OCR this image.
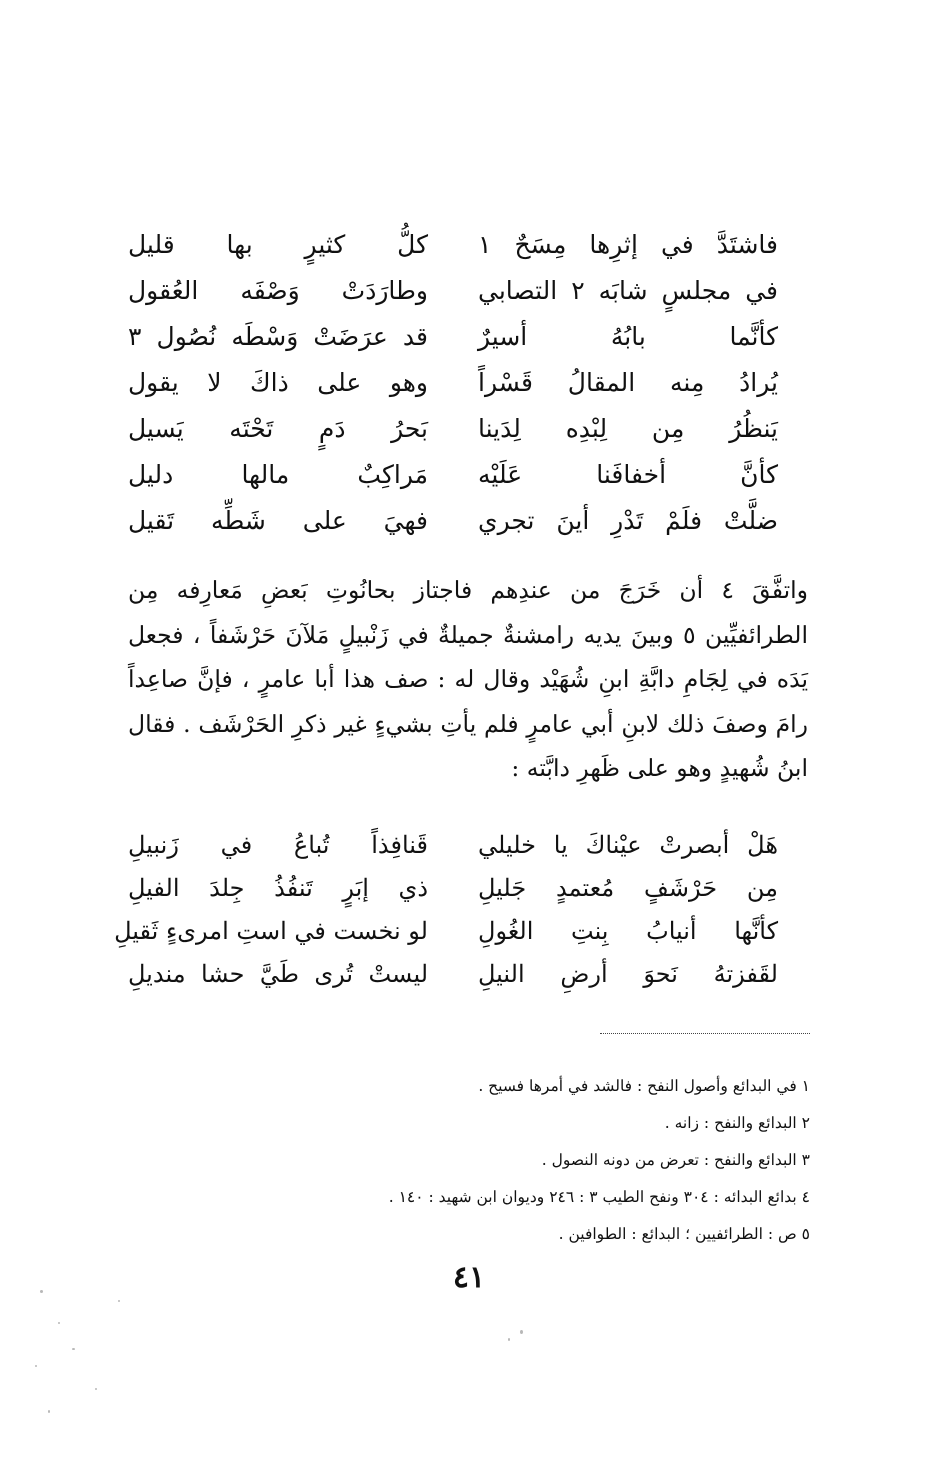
فاشتَدَّ في إثرِها مِسَحٌ ١
كلُّ كثيرٍ بها قليل
في مجلسٍ شابَه ٢ التصابي
وطارَدَتْ وَصْفَه العُقول
كأنَّما بابُهُ أسيرٌ
قد عرَضَتْ وَسْطَه نُصُول ٣
يُرادُ مِنه المقالُ قَسْراً
وهو على ذاكَ لا يقول
يَنظُرُ مِن لِبْدِه لِدَينا
بَحرُ دَمٍ تَحْتَه يَسيل
كأنَّ أخفافَنا عَلَيْه
مَراكِبٌ مالها دليل
ضلَّتْ فلَمْ تَدْرِ أينَ تجري
فهيَ على شَطِّه تَقيل

واتفَّقَ ٤ أن خَرَجَ من عندِهم فاجتاز بحانُوتِ بَعضِ مَعارِفه مِن الطرائفيِّين ٥ وبينَ يديه رامشنةٌ جميلةٌ في زَنْبيلٍ مَلآنَ حَرْشَفاً ، فجعل يَدَه في لِجَامِ دابَّةِ ابنِ شُهَيْد وقال له : صف هذا أبا عامرٍ ، فإنَّ صاعِداً رامَ وصفَ ذلك لابنِ أبي عامرٍ فلم يأتِ بشيءٍ غير ذكرِ الحَرْشَف . فقال ابنُ شُهيدٍ وهو على ظَهرِ دابَّته :

هَلْ أبصرتْ عيْناكَ يا خليلي
قَنافِذاً تُباعُ في زَنبيلِ
مِن حَرْشَفٍ مُعتمدٍ جَليلِ
ذي إبَرٍ تَنفُذُ جِلدَ الفيلِ
كأنَّها أنيابُ بِنتِ الغُولِ
لو نخست في استِ امرىءٍ ثَقيلِ
لقَفزتهُ نَحوَ أرضِ النيلِ
ليستْ تُرى طَيَّ حشا منديلِ
١ في البدائع وأصول النفح : فالشد في أمرها فسيح .
٢ البدائع والنفح : زانه .
٣ البدائع والنفح : تعرض من دونه النصول .
٤ بدائع البدائه : ٣٠٤ ونفح الطيب ٣ : ٢٤٦ وديوان ابن شهيد : ١٤٠ .
٥ ص : الطرائفيين ؛ البدائع : الطوافين .
٤١
